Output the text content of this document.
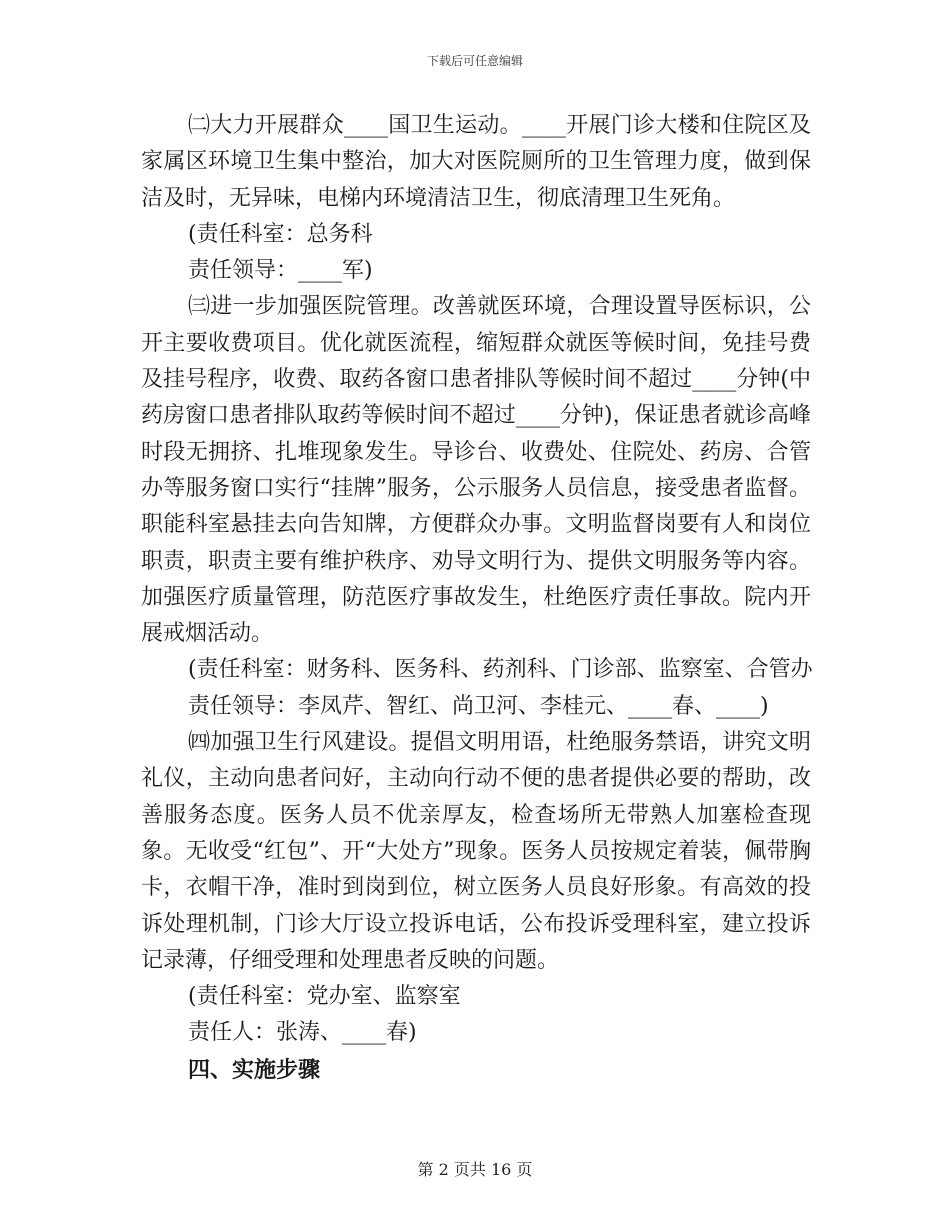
下载后可任意编辑

㈡大力开展群众____国卫生运动。____开展门诊大楼和住院区及家属区环境卫生集中整治，加大对医院厕所的卫生管理力度，做到保洁及时，无异味，电梯内环境清洁卫生，彻底清理卫生死角。

(责任科室：总务科

责任领导：____军)

㈢进一步加强医院管理。改善就医环境，合理设置导医标识，公开主要收费项目。优化就医流程，缩短群众就医等候时间，免挂号费及挂号程序，收费、取药各窗口患者排队等候时间不超过____分钟(中药房窗口患者排队取药等候时间不超过____分钟)，保证患者就诊高峰时段无拥挤、扎堆现象发生。导诊台、收费处、住院处、药房、合管办等服务窗口实行“挂牌”服务，公示服务人员信息，接受患者监督。职能科室悬挂去向告知牌，方便群众办事。文明监督岗要有人和岗位职责，职责主要有维护秩序、劝导文明行为、提供文明服务等内容。加强医疗质量管理，防范医疗事故发生，杜绝医疗责任事故。院内开展戒烟活动。

(责任科室：财务科、医务科、药剂科、门诊部、监察室、合管办

责任领导：李凤芹、智红、尚卫河、李桂元、____春、____)

㈣加强卫生行风建设。提倡文明用语，杜绝服务禁语，讲究文明礼仪，主动向患者问好，主动向行动不便的患者提供必要的帮助，改善服务态度。医务人员不优亲厚友，检查场所无带熟人加塞检查现象。无收受“红包”、开“大处方”现象。医务人员按规定着装，佩带胸卡，衣帽干净，准时到岗到位，树立医务人员良好形象。有高效的投诉处理机制，门诊大厅设立投诉电话，公布投诉受理科室，建立投诉记录薄，仔细受理和处理患者反映的问题。

(责任科室：党办室、监察室

责任人：张涛、____春)

四、实施步骤

第 2 页共 16 页
